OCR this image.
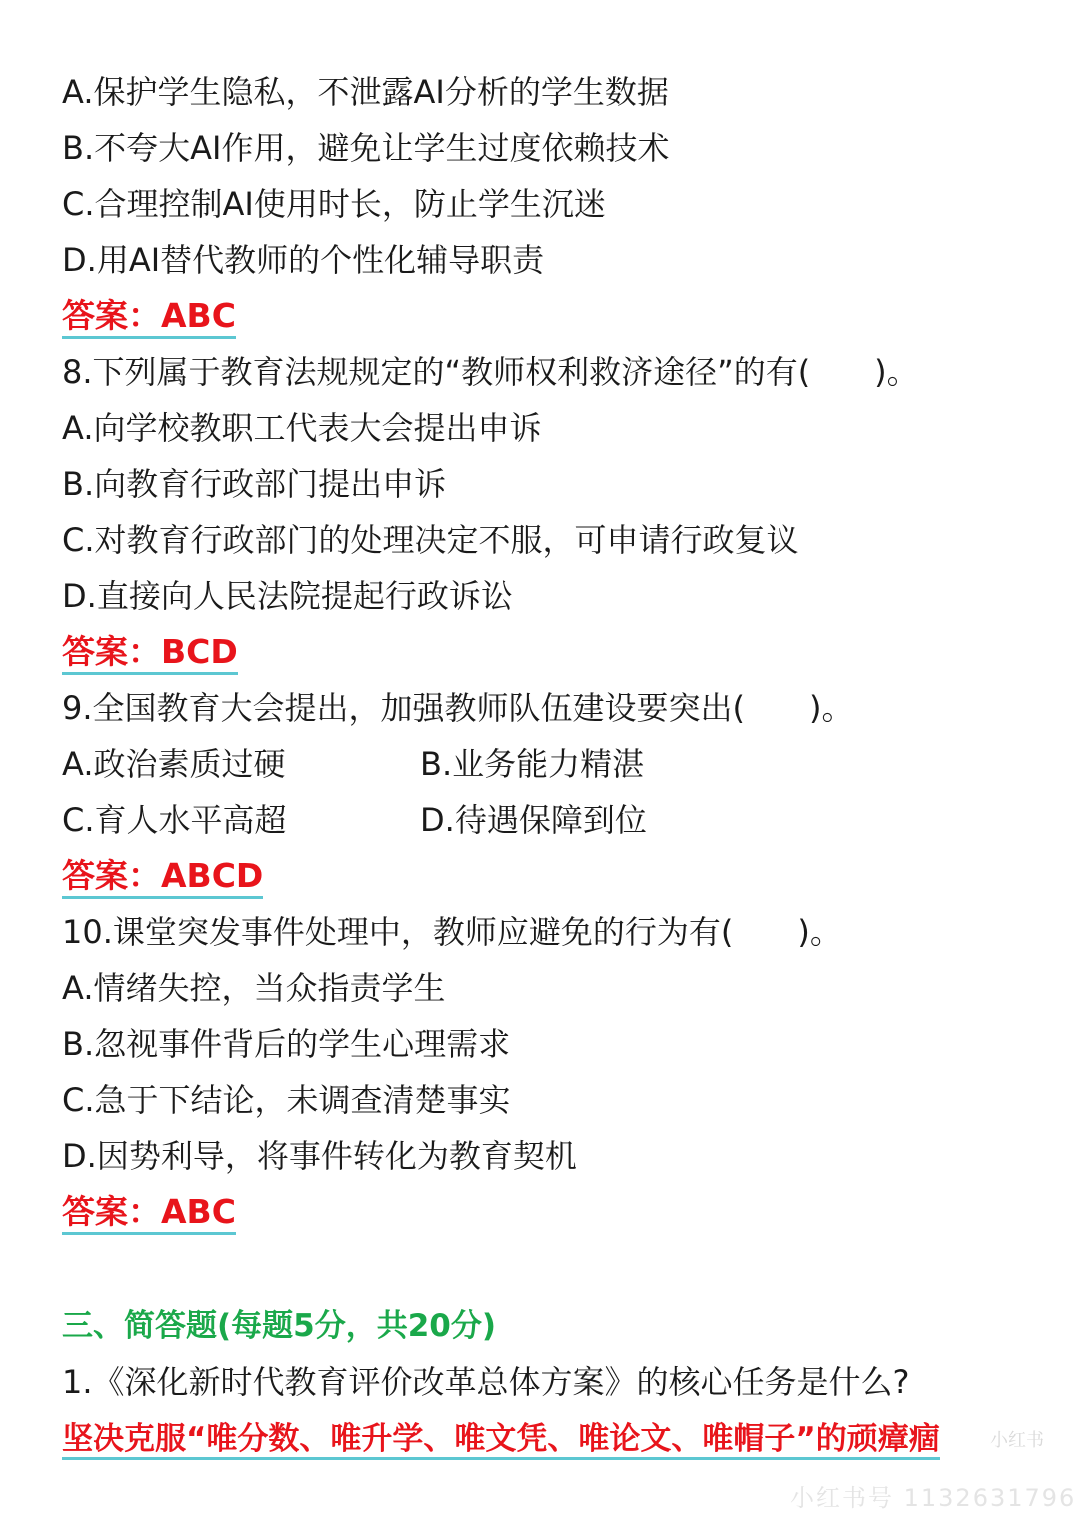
A.保护学生隐私，不泄露AI分析的学生数据
B.不夸大AI作用，避免让学生过度依赖技术
C.合理控制AI使用时长，防止学生沉迷
D.用AI替代教师的个性化辅导职责
答案：ABC
8.下列属于教育法规规定的“教师权利救济途径”的有(　　)。
A.向学校教职工代表大会提出申诉
B.向教育行政部门提出申诉
C.对教育行政部门的处理决定不服，可申请行政复议
D.直接向人民法院提起行政诉讼
答案：BCD
9.全国教育大会提出，加强教师队伍建设要突出(　　)。
A.政治素质过硬	B.业务能力精湛
C.育人水平高超	D.待遇保障到位
答案：ABCD
10.课堂突发事件处理中，教师应避免的行为有(　　)。
A.情绪失控，当众指责学生
B.忽视事件背后的学生心理需求
C.急于下结论，未调查清楚事实
D.因势利导，将事件转化为教育契机
答案：ABC
三、简答题(每题5分，共20分)
1.《深化新时代教育评价改革总体方案》的核心任务是什么?
坚决克服“唯分数、唯升学、唯文凭、唯论文、唯帽子”的顽瘴痼	小红书
小红书号 1132631796
